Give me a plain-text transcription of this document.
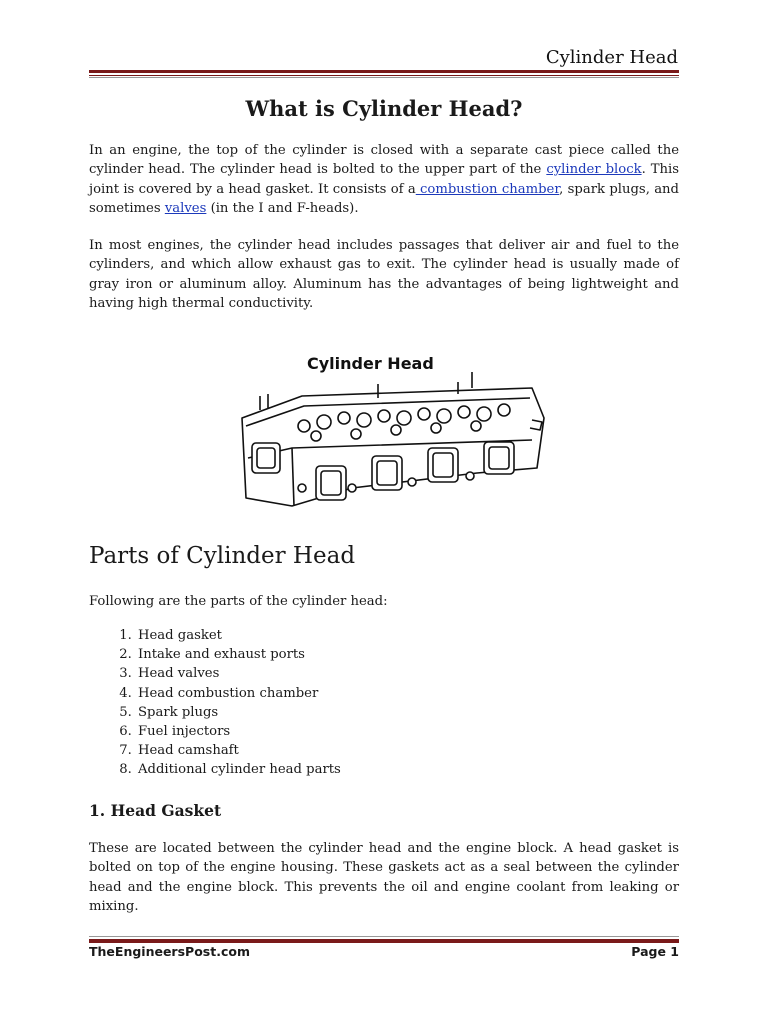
Cylinder Head
What is Cylinder Head?
In an engine, the top of the cylinder is closed with a separate cast piece called the cylinder head. The cylinder head is bolted to the upper part of the cylinder block. This joint is covered by a head gasket. It consists of a combustion chamber, spark plugs, and sometimes valves (in the I and F-heads).
In most engines, the cylinder head includes passages that deliver air and fuel to the cylinders, and which allow exhaust gas to exit. The cylinder head is usually made of gray iron or aluminum alloy. Aluminum has the advantages of being lightweight and having high thermal conductivity.
Cylinder Head
Parts of Cylinder Head
Following are the parts of the cylinder head:
1. Head gasket
2. Intake and exhaust ports
3. Head valves
4. Head combustion chamber
5. Spark plugs
6. Fuel injectors
7. Head camshaft
8. Additional cylinder head parts
1. Head Gasket
These are located between the cylinder head and the engine block. A head gasket is bolted on top of the engine housing. These gaskets act as a seal between the cylinder head and the engine block. This prevents the oil and engine coolant from leaking or mixing.
TheEngineersPost.com	Page 1
